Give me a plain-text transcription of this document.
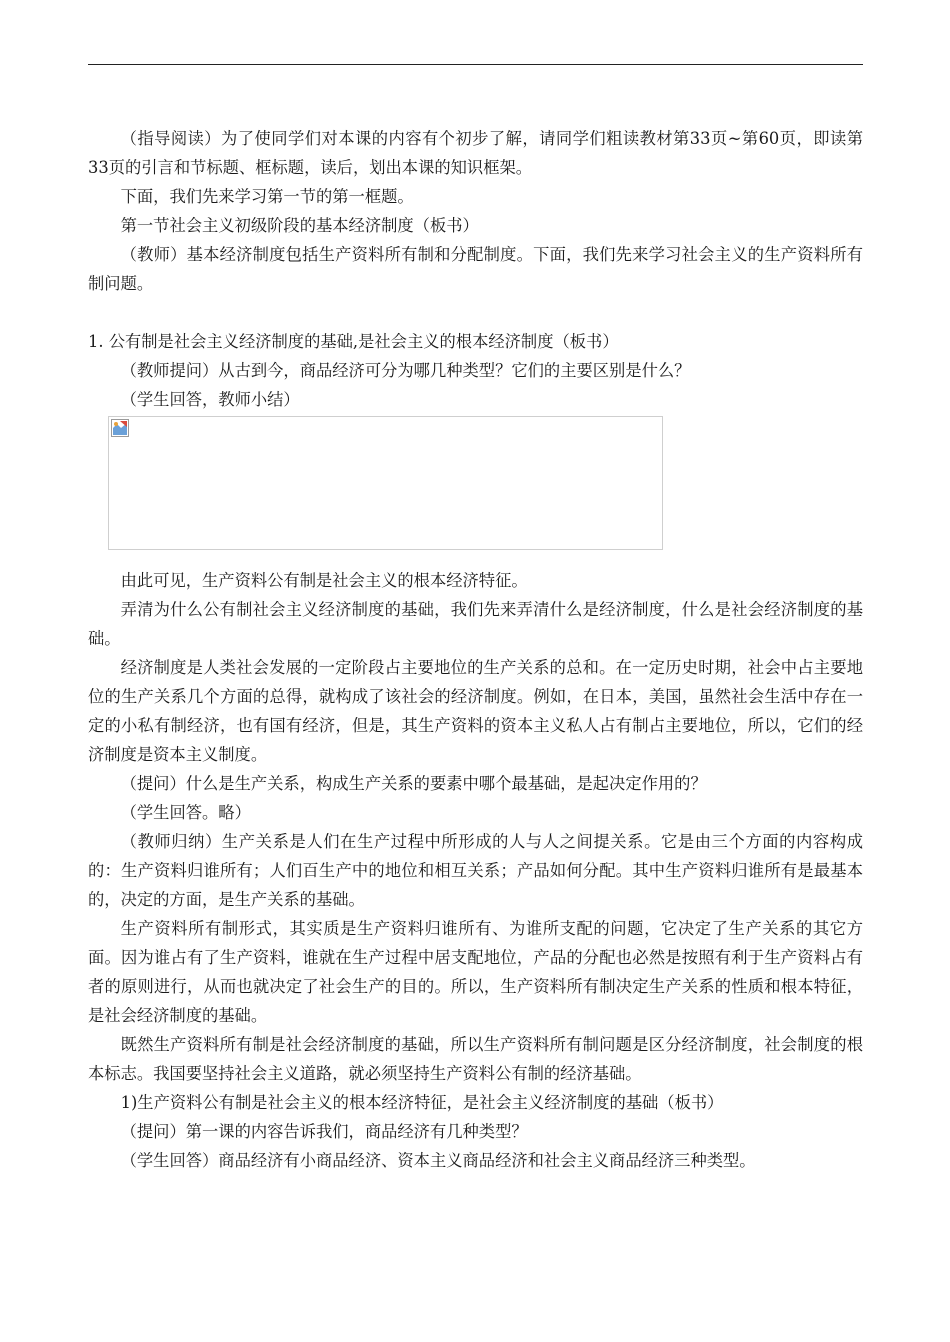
（指导阅读）为了使同学们对本课的内容有个初步了解，请同学们粗读教材第33页~第60页，即读第33页的引言和节标题、框标题，读后，划出本课的知识框架。

下面，我们先来学习第一节的第一框题。

第一节社会主义初级阶段的基本经济制度（板书）

（教师）基本经济制度包括生产资料所有制和分配制度。下面，我们先来学习社会主义的生产资料所有制问题。

1. 公有制是社会主义经济制度的基础,是社会主义的根本经济制度（板书）

（教师提问）从古到今，商品经济可分为哪几种类型？它们的主要区别是什么？

（学生回答，教师小结）

由此可见，生产资料公有制是社会主义的根本经济特征。

弄清为什么公有制社会主义经济制度的基础，我们先来弄清什么是经济制度，什么是社会经济制度的基础。

经济制度是人类社会发展的一定阶段占主要地位的生产关系的总和。在一定历史时期，社会中占主要地位的生产关系几个方面的总得，就构成了该社会的经济制度。例如，在日本，美国，虽然社会生活中存在一定的小私有制经济，也有国有经济，但是，其生产资料的资本主义私人占有制占主要地位，所以，它们的经济制度是资本主义制度。

（提问）什么是生产关系，构成生产关系的要素中哪个最基础，是起决定作用的？

（学生回答。略）

（教师归纳）生产关系是人们在生产过程中所形成的人与人之间提关系。它是由三个方面的内容构成的：生产资料归谁所有；人们百生产中的地位和相互关系；产品如何分配。其中生产资料归谁所有是最基本的，决定的方面，是生产关系的基础。

生产资料所有制形式，其实质是生产资料归谁所有、为谁所支配的问题，它决定了生产关系的其它方面。因为谁占有了生产资料，谁就在生产过程中居支配地位，产品的分配也必然是按照有利于生产资料占有者的原则进行，从而也就决定了社会生产的目的。所以，生产资料所有制决定生产关系的性质和根本特征，是社会经济制度的基础。

既然生产资料所有制是社会经济制度的基础，所以生产资料所有制问题是区分经济制度，社会制度的根本标志。我国要坚持社会主义道路，就必须坚持生产资料公有制的经济基础。

1)生产资料公有制是社会主义的根本经济特征，是社会主义经济制度的基础（板书）

（提问）第一课的内容告诉我们，商品经济有几种类型？

（学生回答）商品经济有小商品经济、资本主义商品经济和社会主义商品经济三种类型。
